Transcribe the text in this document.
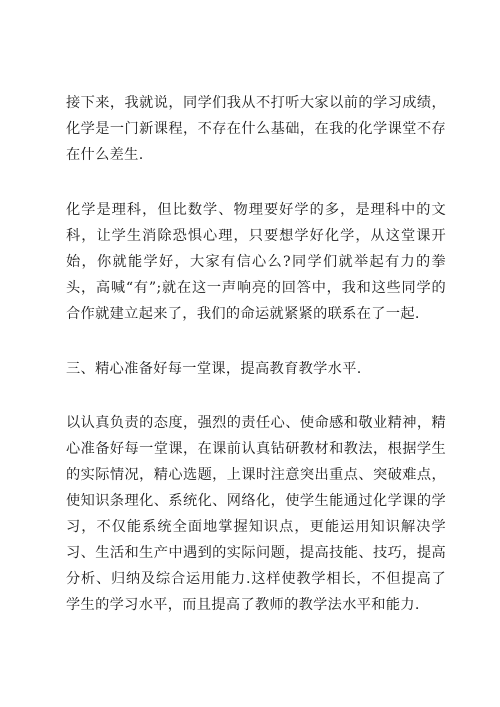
接下来，我就说，同学们我从不打听大家以前的学习成绩，化学是一门新课程，不存在什么基础，在我的化学课堂不存在什么差生.

化学是理科，但比数学、物理要好学的多，是理科中的文科，让学生消除恐惧心理，只要想学好化学，从这堂课开始，你就能学好，大家有信心么?同学们就举起有力的拳头，高喊“有”;就在这一声响亮的回答中，我和这些同学的合作就建立起来了，我们的命运就紧紧的联系在了一起.

三、精心准备好每一堂课，提高教育教学水平.

以认真负责的态度，强烈的责任心、使命感和敬业精神，精心准备好每一堂课，在课前认真钻研教材和教法，根据学生的实际情况，精心选题，上课时注意突出重点、突破难点，使知识条理化、系统化、网络化，使学生能通过化学课的学习，不仅能系统全面地掌握知识点，更能运用知识解决学习、生活和生产中遇到的实际问题，提高技能、技巧，提高分析、归纳及综合运用能力.这样使教学相长，不但提高了学生的学习水平，而且提高了教师的教学法水平和能力.
